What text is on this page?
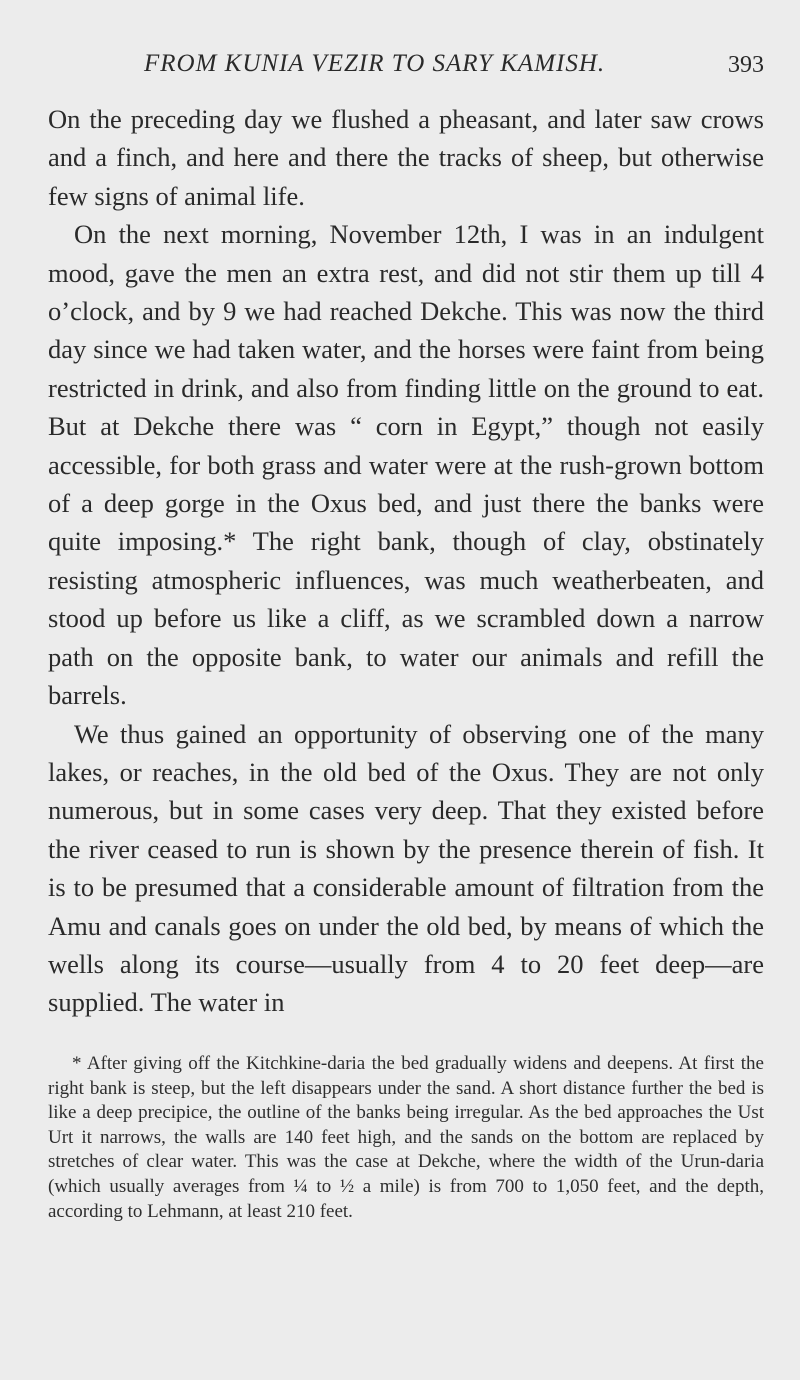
FROM KUNIA VEZIR TO SARY KAMISH.	393

On the preceding day we flushed a pheasant, and later saw crows and a finch, and here and there the tracks of sheep, but otherwise few signs of animal life.

On the next morning, November 12th, I was in an indulgent mood, gave the men an extra rest, and did not stir them up till 4 o’clock, and by 9 we had reached Dekche. This was now the third day since we had taken water, and the horses were faint from being restricted in drink, and also from finding little on the ground to eat. But at Dekche there was “ corn in Egypt,” though not easily accessible, for both grass and water were at the rush-grown bottom of a deep gorge in the Oxus bed, and just there the banks were quite imposing.* The right bank, though of clay, obstinately resisting atmospheric influences, was much weatherbeaten, and stood up before us like a cliff, as we scrambled down a narrow path on the opposite bank, to water our animals and refill the barrels.

We thus gained an opportunity of observing one of the many lakes, or reaches, in the old bed of the Oxus. They are not only numerous, but in some cases very deep. That they existed before the river ceased to run is shown by the presence therein of fish. It is to be presumed that a considerable amount of filtration from the Amu and canals goes on under the old bed, by means of which the wells along its course—usually from 4 to 20 feet deep—are supplied. The water in

* After giving off the Kitchkine-daria the bed gradually widens and deepens. At first the right bank is steep, but the left disappears under the sand. A short distance further the bed is like a deep precipice, the outline of the banks being irregular. As the bed approaches the Ust Urt it narrows, the walls are 140 feet high, and the sands on the bottom are replaced by stretches of clear water. This was the case at Dekche, where the width of the Urun-daria (which usually averages from ¼ to ½ a mile) is from 700 to 1,050 feet, and the depth, according to Lehmann, at least 210 feet.
